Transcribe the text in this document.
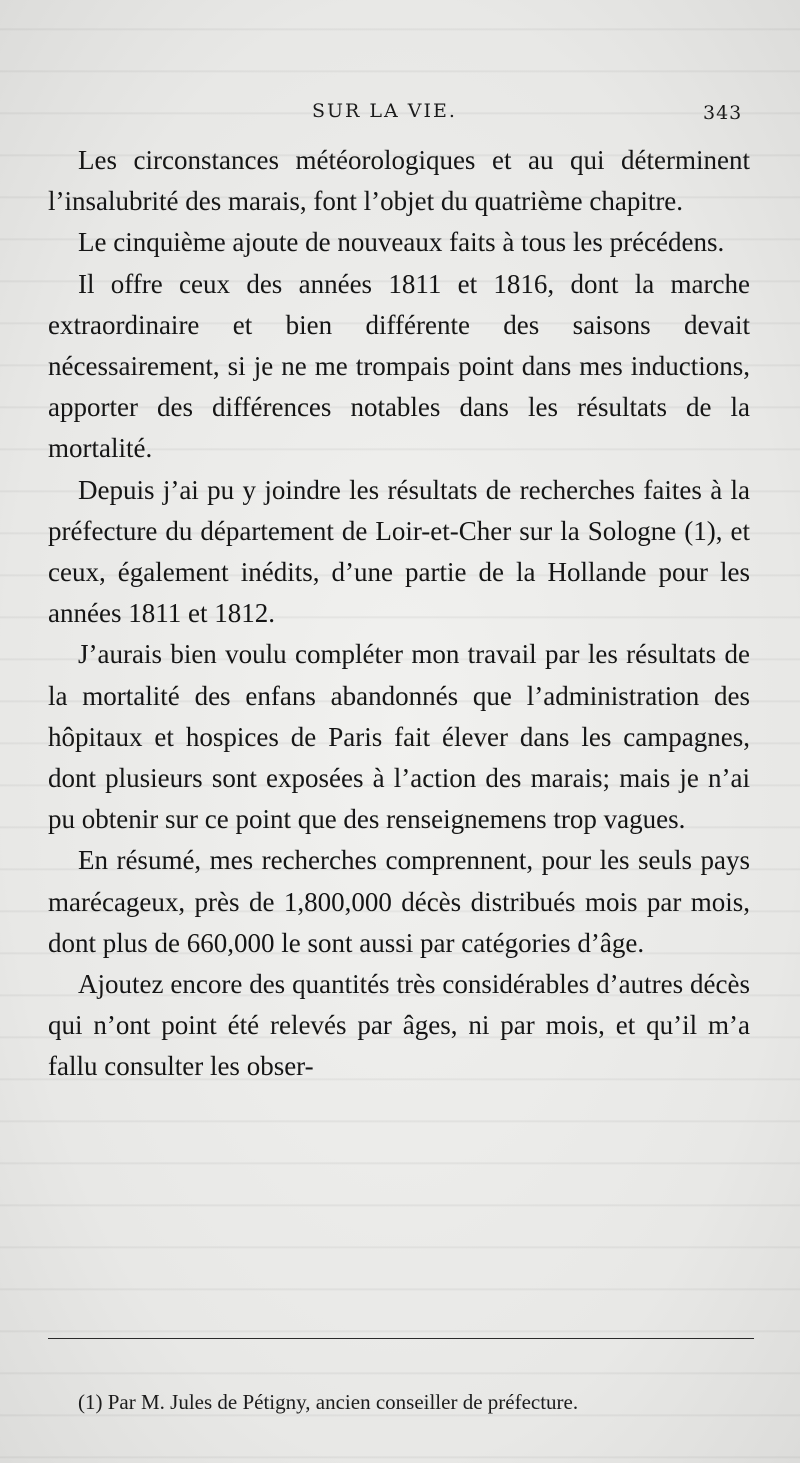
SUR LA VIE.	343

Les circonstances météorologiques et au qui déterminent l’insalubrité des marais, font l’objet du quatrième chapitre.

Le cinquième ajoute de nouveaux faits à tous les précédens.

Il offre ceux des années 1811 et 1816, dont la marche extraordinaire et bien différente des saisons devait nécessairement, si je ne me trompais point dans mes inductions, apporter des différences notables dans les résultats de la mortalité.

Depuis j’ai pu y joindre les résultats de recherches faites à la préfecture du département de Loir-et-Cher sur la Sologne (1), et ceux, également inédits, d’une partie de la Hollande pour les années 1811 et 1812.

J’aurais bien voulu compléter mon travail par les résultats de la mortalité des enfans abandonnés que l’administration des hôpitaux et hospices de Paris fait élever dans les campagnes, dont plusieurs sont exposées à l’action des marais; mais je n’ai pu obtenir sur ce point que des renseignemens trop vagues.

En résumé, mes recherches comprennent, pour les seuls pays marécageux, près de 1,800,000 décès distribués mois par mois, dont plus de 660,000 le sont aussi par catégories d’âge.

Ajoutez encore des quantités très considérables d’autres décès qui n’ont point été relevés par âges, ni par mois, et qu’il m’a fallu consulter les obser-

(1) Par M. Jules de Pétigny, ancien conseiller de préfecture.
